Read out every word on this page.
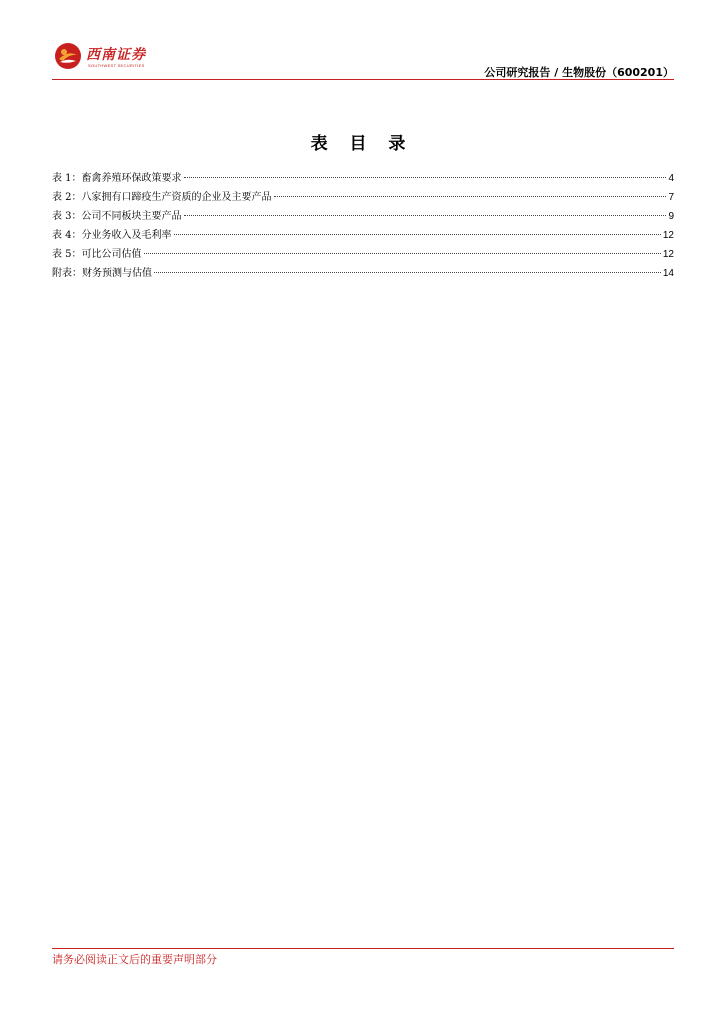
西南证券
SOUTHWEST SECURITIES
公司研究报告 / 生物股份（600201）
表 目 录
表 1：畜禽养殖环保政策要求	4
表 2：八家拥有口蹄疫生产资质的企业及主要产品	7
表 3：公司不同板块主要产品	9
表 4：分业务收入及毛利率	12
表 5：可比公司估值	12
附表：财务预测与估值	14
请务必阅读正文后的重要声明部分
